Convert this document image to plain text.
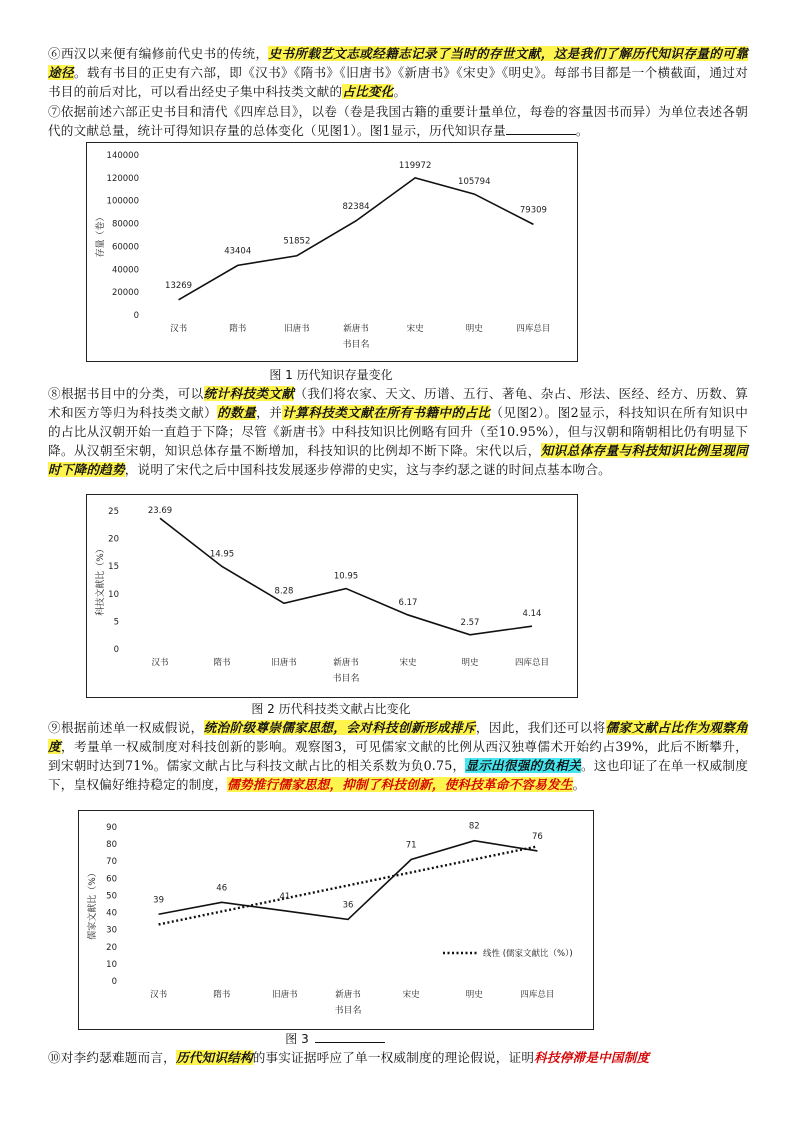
⑥西汉以来便有编修前代史书的传统，史书所载艺文志或经籍志记录了当时的存世文献，这是我们了解历代知识存量的可靠途径。载有书目的正史有六部，即《汉书》《隋书》《旧唐书》《新唐书》《宋史》《明史》。每部书目都是一个横截面，通过对书目的前后对比，可以看出经史子集中科技类文献的占比变化。
⑦依据前述六部正史书目和清代《四库总目》，以卷（卷是我国古籍的重要计量单位，每卷的容量因书而异）为单位表述各朝代的文献总量，统计可得知识存量的总体变化（见图1）。图1显示，历代知识存量	。
0
20000
40000
60000
80000
100000
120000
140000
汉书	隋书	旧唐书	新唐书	宋史	明史	四库总目
书目名
存量（卷）
13269
43404
51852
82384
119972
105794
79309
图 1 历代知识存量变化
⑧根据书目中的分类，可以统计科技类文献（我们将农家、天文、历谱、五行、著龟、杂占、形法、医经、经方、历数、算术和医方等归为科技类文献）的数量，并计算科技类文献在所有书籍中的占比（见图2）。图2显示，科技知识在所有知识中的占比从汉朝开始一直趋于下降；尽管《新唐书》中科技知识比例略有回升（至10.95%），但与汉朝和隋朝相比仍有明显下降。从汉朝至宋朝，知识总体存量不断增加，科技知识的比例却不断下降。宋代以后，知识总体存量与科技知识比例呈现同时下降的趋势，说明了宋代之后中国科技发展逐步停滞的史实，这与李约瑟之谜的时间点基本吻合。
0
5
10
15
20
25
汉书	隋书	旧唐书	新唐书	宋史	明史	四库总目
书目名
科技文献比（%）
23.69
14.95
8.28
10.95
6.17
2.57
4.14
图 2 历代科技类文献占比变化
⑨根据前述单一权威假说，统治阶级尊崇儒家思想，会对科技创新形成排斥，因此，我们还可以将儒家文献占比作为观察角度，考量单一权威制度对科技创新的影响。观察图3，可见儒家文献的比例从西汉独尊儒术开始约占39%，此后不断攀升，到宋朝时达到71%。儒家文献占比与科技文献占比的相关系数为负0.75，显示出很强的负相关。这也印证了在单一权威制度下，皇权偏好维持稳定的制度，儒势推行儒家思想，抑制了科技创新，使科技革命不容易发生。
0
10
20
30
40
50
60
70
80
90
汉书	隋书	旧唐书	新唐书	宋史	明史	四库总目
书目名
儒家文献比（%）
线性 (儒家文献比（%）)
39
46
41
36
71
82
76
图 3
⑩对李约瑟难题而言，历代知识结构的事实证据呼应了单一权威制度的理论假说，证明科技停滞是中国制度
